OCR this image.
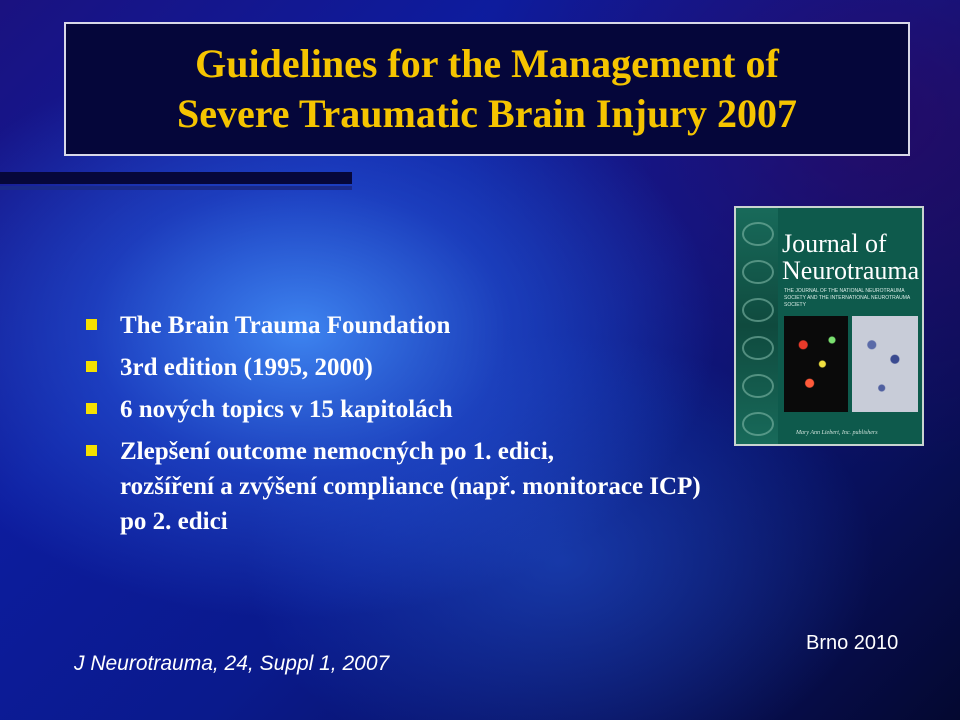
Guidelines for the Management of
Severe Traumatic Brain Injury 2007
The Brain Trauma Foundation
3rd edition (1995, 2000)
6 nových topics v 15 kapitolách
Zlepšení outcome nemocných po 1. edici,
rozšíření a zvýšení compliance (např. monitorace ICP)
po 2. edici
Journal of
Neurotrauma
THE JOURNAL OF THE NATIONAL NEUROTRAUMA SOCIETY AND THE INTERNATIONAL NEUROTRAUMA SOCIETY
Mary Ann Liebert, Inc. publishers
J Neurotrauma, 24, Suppl 1, 2007
Brno 2010
